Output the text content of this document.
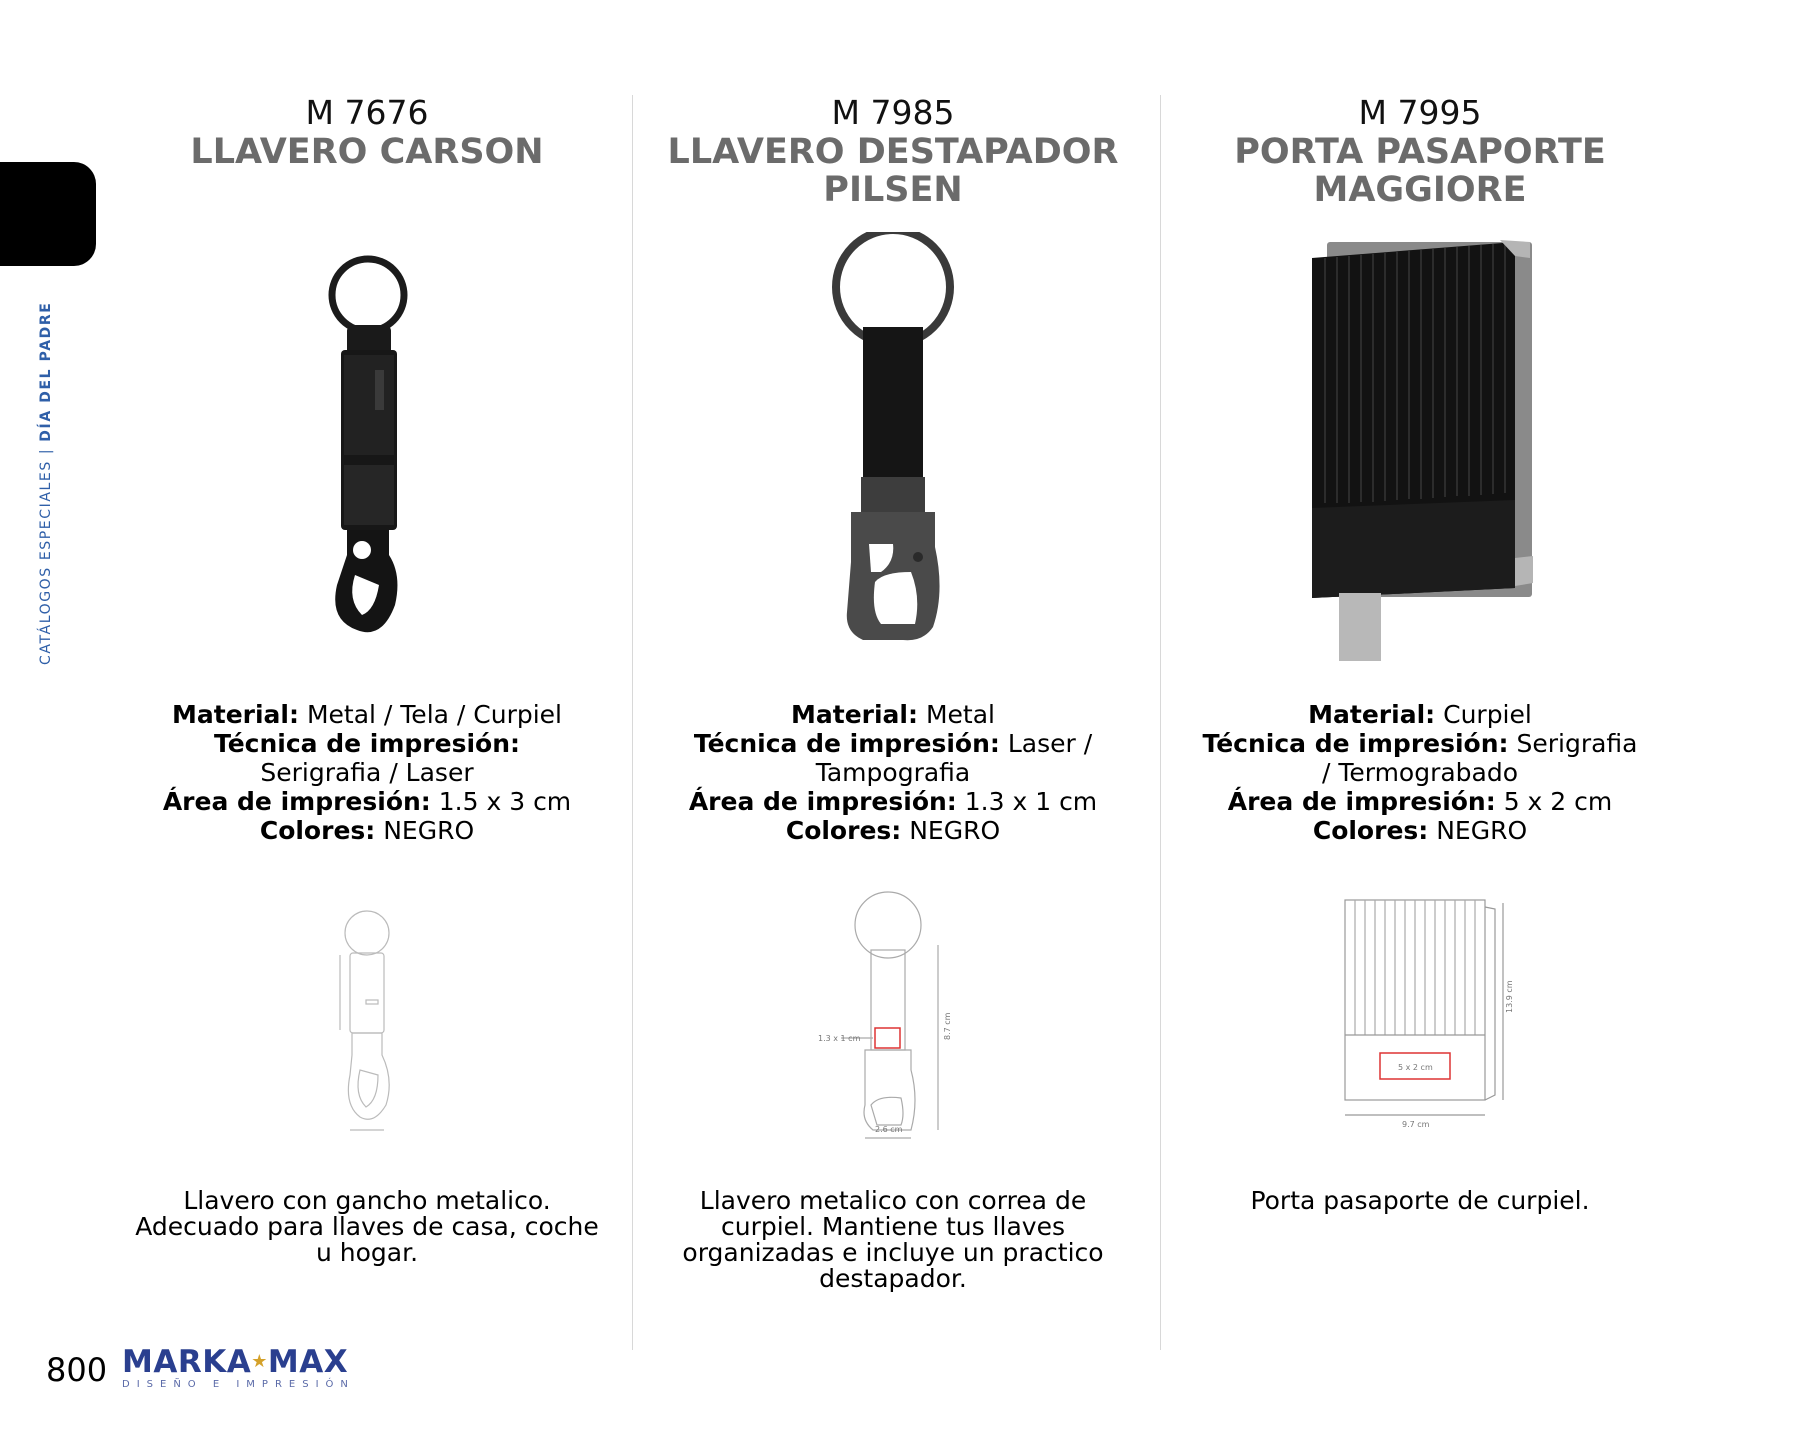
CATÁLOGOS ESPECIALES | DÍA DEL PADRE
M 7676
LLAVERO CARSON
Material: Metal / Tela / Curpiel
Técnica de impresión: Serigrafia / Laser
Área de impresión: 1.5 x 3 cm
Colores: NEGRO
Llavero con gancho metalico.
Adecuado para llaves de casa, coche
u hogar.
M 7985
LLAVERO DESTAPADOR
PILSEN
Material: Metal
Técnica de impresión: Laser / Tampografia
Área de impresión: 1.3 x 1 cm
Colores: NEGRO
1.3 x 1 cm	8.7 cm
2.6 cm
Llavero metalico con correa de
curpiel. Mantiene tus llaves
organizadas e incluye un practico
destapador.
M 7995
PORTA PASAPORTE
MAGGIORE
Material: Curpiel
Técnica de impresión: Serigrafia / Termograbado
Área de impresión: 5 x 2 cm
Colores: NEGRO
5 x 2 cm
13.9 cm
9.7 cm
Porta pasaporte de curpiel.
800 MARKA★MAX
DISEÑO E IMPRESIÓN
